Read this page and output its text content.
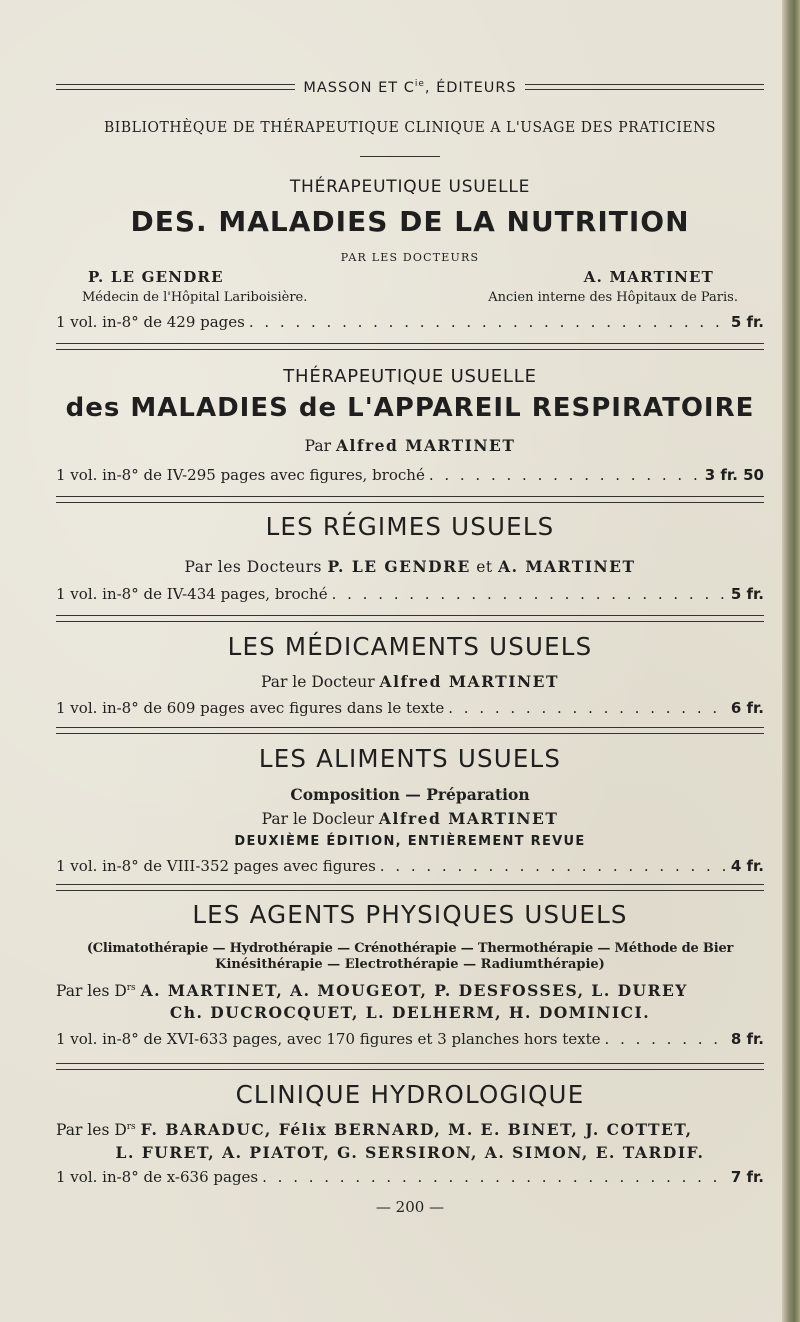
MASSON ET $C^{ie}$, ÉDITEURS
BIBLIOTHÈQUE DE THÉRAPEUTIQUE CLINIQUE A L'USAGE DES PRATICIENS
THÉRAPEUTIQUE USUELLE
DES. MALADIES DE LA NUTRITION
PAR LES DOCTEURS
P. LE GENDRE	A. MARTINET
Médecin de l'Hôpital Lariboisière.	Ancien interne des Hôpitaux de Paris.
1 vol. in-8° de 429 pages . . .	5 fr.
THÉRAPEUTIQUE USUELLE
des MALADIES de L'APPAREIL RESPIRATOIRE
Par Alfred MARTINET
1 vol. in-8° de IV-295 pages avec figures, broché . . .	3 fr. 50
LES RÉGIMES USUELS
Par les Docteurs P. LE GENDRE et A. MARTINET
1 vol. in-8° de IV-434 pages, broché . . .	5 fr.
LES MÉDICAMENTS USUELS
Par le Docteur Alfred MARTINET
1 vol. in-8° de 609 pages avec figures dans le texte . . .	6 fr.
LES ALIMENTS USUELS
Composition — Préparation
Par le Docleur Alfred MARTINET
DEUXIÈME ÉDITION, ENTIÈREMENT REVUE
1 vol. in-8° de VIII-352 pages avec figures . . .	4 fr.
LES AGENTS PHYSIQUES USUELS
(Climatothérapie — Hydrothérapie — Crénothérapie — Thermothérapie — Méthode de Bier
Kinésithérapie — Electrothérapie — Radiumthérapie)
Par les $D^{rs}$ A. MARTINET, A. MOUGEOT, P. DESFOSSES, L. DUREY
Ch. DUCROCQUET, L. DELHERM, H. DOMINICI.
1 vol. in-8° de XVI-633 pages, avec 170 figures et 3 planches hors texte . . .	8 fr.
CLINIQUE HYDROLOGIQUE
Par les $D^{rs}$ F. BARADUC, Félix BERNARD, M. E. BINET, J. COTTET,
L. FURET, A. PIATOT, G. SERSIRON, A. SIMON, E. TARDIF.
1 vol. in-8° de x-636 pages . . .	7 fr.
— 200 —
